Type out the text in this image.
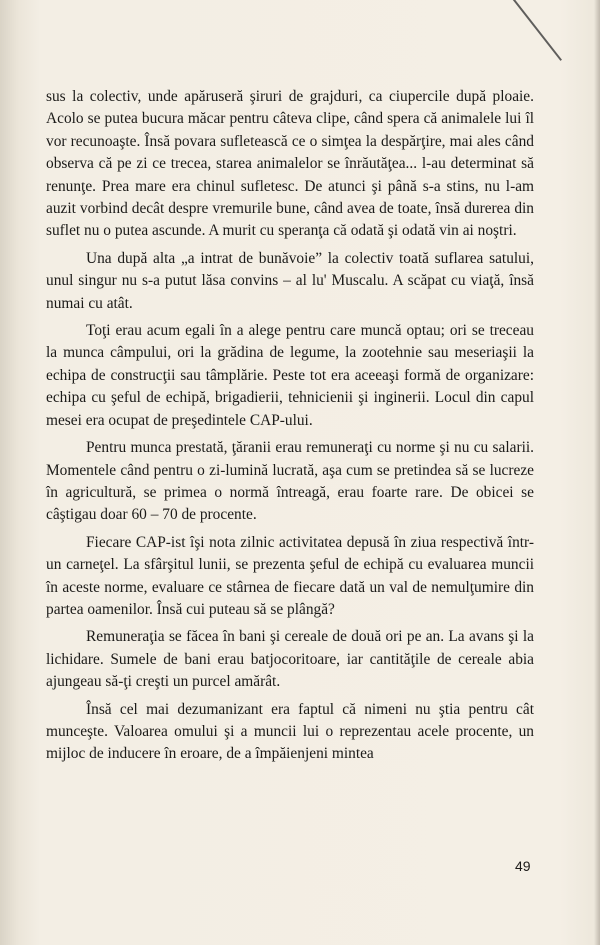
sus la colectiv, unde apăruseră şiruri de grajduri, ca ciupercile după ploaie. Acolo se putea bucura măcar pentru câteva clipe, când spera că animalele lui îl vor recunoaşte. Însă povara sufletească ce o simţea la despărţire, mai ales când observa că pe zi ce trecea, starea animalelor se înrăutăţea... l-au determinat să renunţe. Prea mare era chinul sufletesc. De atunci şi până s-a stins, nu l-am auzit vorbind decât despre vremurile bune, când avea de toate, însă durerea din suflet nu o putea ascunde. A murit cu speranţa că odată şi odată vin ai noştri.

Una după alta „a intrat de bunăvoie” la colectiv toată suflarea satului, unul singur nu s-a putut lăsa convins – al lu' Muscalu. A scăpat cu viaţă, însă numai cu atât.

Toţi erau acum egali în a alege pentru care muncă optau; ori se treceau la munca câmpului, ori la grădina de legume, la zootehnie sau meseriaşii la echipa de construcţii sau tâmplărie. Peste tot era aceeaşi formă de organizare: echipa cu şeful de echipă, brigadierii, tehnicienii şi inginerii. Locul din capul mesei era ocupat de preşedintele CAP-ului.

Pentru munca prestată, ţăranii erau remuneraţi cu norme şi nu cu salarii. Momentele când pentru o zi-lumină lucrată, aşa cum se pretindea să se lucreze în agricultură, se primea o normă întreagă, erau foarte rare. De obicei se câştigau doar 60 – 70 de procente.

Fiecare CAP-ist îşi nota zilnic activitatea depusă în ziua respectivă într-un carneţel. La sfârşitul lunii, se prezenta şeful de echipă cu evaluarea muncii în aceste norme, evaluare ce stârnea de fiecare dată un val de nemulţumire din partea oamenilor. Însă cui puteau să se plângă?

Remuneraţia se făcea în bani şi cereale de două ori pe an. La avans şi la lichidare. Sumele de bani erau batjocoritoare, iar cantităţile de cereale abia ajungeau să-ţi creşti un purcel amărât.

Însă cel mai dezumanizant era faptul că nimeni nu ştia pentru cât munceşte. Valoarea omului şi a muncii lui o reprezentau acele procente, un mijloc de inducere în eroare, de a împăienjeni mintea

49
